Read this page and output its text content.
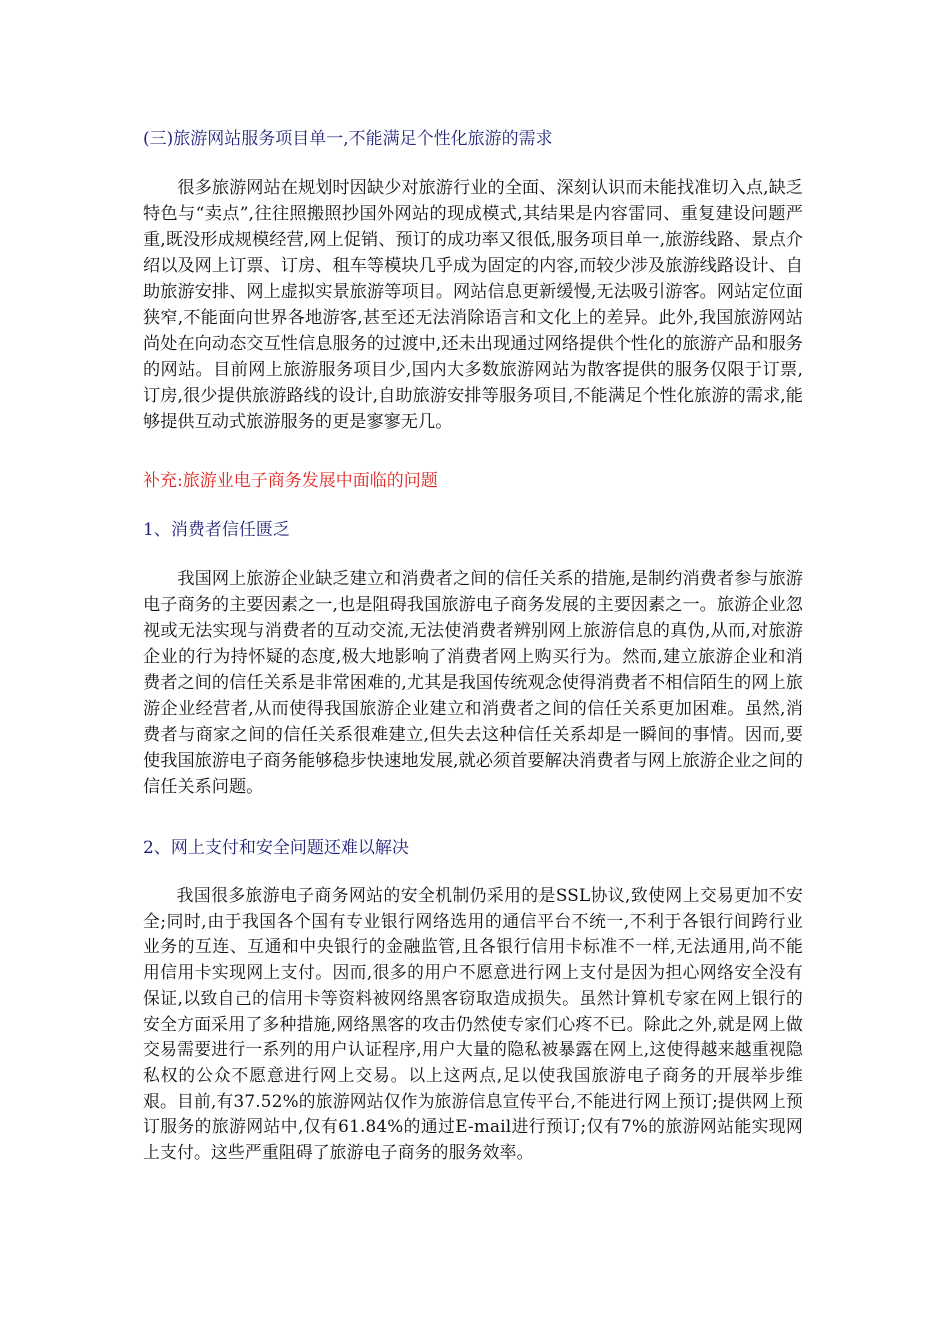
(三)旅游网站服务项目单一,不能满足个性化旅游的需求

很多旅游网站在规划时因缺少对旅游行业的全面、深刻认识而未能找准切入点,缺乏特色与“卖点”,往往照搬照抄国外网站的现成模式,其结果是内容雷同、重复建设问题严重,既没形成规模经营,网上促销、预订的成功率又很低,服务项目单一,旅游线路、景点介绍以及网上订票、订房、租车等模块几乎成为固定的内容,而较少涉及旅游线路设计、自助旅游安排、网上虚拟实景旅游等项目。网站信息更新缓慢,无法吸引游客。网站定位面狭窄,不能面向世界各地游客,甚至还无法消除语言和文化上的差异。此外,我国旅游网站尚处在向动态交互性信息服务的过渡中,还未出现通过网络提供个性化的旅游产品和服务的网站。目前网上旅游服务项目少,国内大多数旅游网站为散客提供的服务仅限于订票,订房,很少提供旅游路线的设计,自助旅游安排等服务项目,不能满足个性化旅游的需求,能够提供互动式旅游服务的更是寥寥无几。

补充:旅游业电子商务发展中面临的问题

1、消费者信任匮乏

我国网上旅游企业缺乏建立和消费者之间的信任关系的措施,是制约消费者参与旅游电子商务的主要因素之一,也是阻碍我国旅游电子商务发展的主要因素之一。旅游企业忽视或无法实现与消费者的互动交流,无法使消费者辨别网上旅游信息的真伪,从而,对旅游企业的行为持怀疑的态度,极大地影响了消费者网上购买行为。然而,建立旅游企业和消费者之间的信任关系是非常困难的,尤其是我国传统观念使得消费者不相信陌生的网上旅游企业经营者,从而使得我国旅游企业建立和消费者之间的信任关系更加困难。虽然,消费者与商家之间的信任关系很难建立,但失去这种信任关系却是一瞬间的事情。因而,要使我国旅游电子商务能够稳步快速地发展,就必须首要解决消费者与网上旅游企业之间的信任关系问题。

2、网上支付和安全问题还难以解决

我国很多旅游电子商务网站的安全机制仍采用的是SSL协议,致使网上交易更加不安全;同时,由于我国各个国有专业银行网络选用的通信平台不统一,不利于各银行间跨行业业务的互连、互通和中央银行的金融监管,且各银行信用卡标准不一样,无法通用,尚不能用信用卡实现网上支付。因而,很多的用户不愿意进行网上支付是因为担心网络安全没有保证,以致自己的信用卡等资料被网络黑客窃取造成损失。虽然计算机专家在网上银行的安全方面采用了多种措施,网络黑客的攻击仍然使专家们心疼不已。除此之外,就是网上做交易需要进行一系列的用户认证程序,用户大量的隐私被暴露在网上,这使得越来越重视隐私权的公众不愿意进行网上交易。以上这两点,足以使我国旅游电子商务的开展举步维艰。目前,有37.52%的旅游网站仅作为旅游信息宣传平台,不能进行网上预订;提供网上预订服务的旅游网站中,仅有61.84%的通过E-mail进行预订;仅有7%的旅游网站能实现网上支付。这些严重阻碍了旅游电子商务的服务效率。
